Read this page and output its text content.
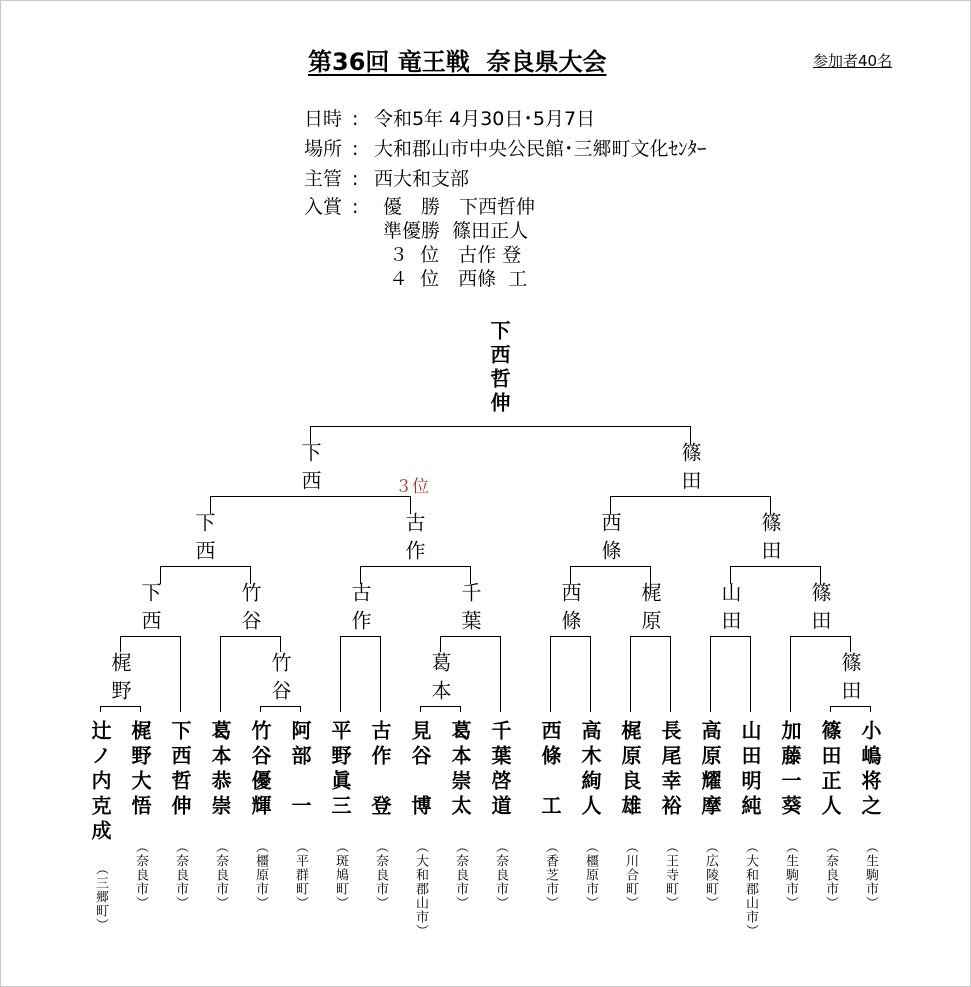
第36回 竜王戦  奈良県大会	参加者40名
日時 : 令和5年 4月30日･5月7日
場所 : 大和郡山市中央公民館･三郷町文化ｾﾝﾀｰ
主管 : 西大和支部
入賞 :	優　勝　下西哲伸
準優勝  篠田正人
３  位　古作 登
４  位　西條  工
下西哲伸
下西	篠田
３位
下西	古作	西條	篠田
下西	竹谷	古作	千葉	西條	梶原	山田	篠田
梶野	竹谷	葛本	篠田
辻ノ内克成
（三郷町）
梶野大悟
（奈良市）
下西哲伸
（奈良市）
葛本恭崇
（奈良市）
竹谷優輝
（橿原市）
阿部　一
（平群町）
平野眞三
（斑鳩町）
古作　登
（奈良市）
見谷　博
（大和郡山市）
葛本崇太
（奈良市）
千葉啓道
（奈良市）
西條　工
（香芝市）
高木絢人
（橿原市）
梶原良雄
（川合町）
長尾幸裕
（王寺町）
高原耀摩
（広陵町）
山田明純
（大和郡山市）
加藤一葵
（生駒市）
篠田正人
（奈良市）
小嶋将之
（生駒市）
